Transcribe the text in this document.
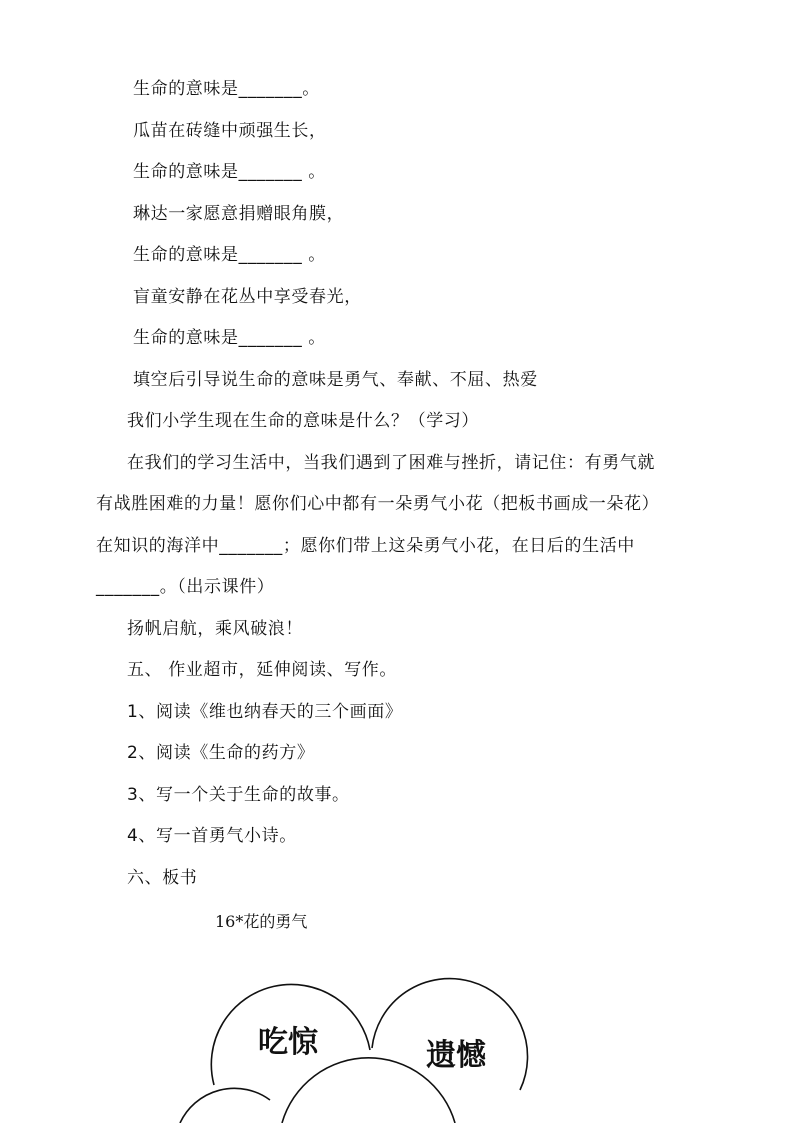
生命的意味是_______。
瓜苗在砖缝中顽强生长，
生命的意味是_______ 。
琳达一家愿意捐赠眼角膜，
生命的意味是_______ 。
盲童安静在花丛中享受春光，
生命的意味是_______ 。
填空后引导说生命的意味是勇气、奉献、不屈、热爱
我们小学生现在生命的意味是什么？（学习）
在我们的学习生活中，当我们遇到了困难与挫折，请记住：有勇气就
有战胜困难的力量！愿你们心中都有一朵勇气小花（把板书画成一朵花）
在知识的海洋中_______；愿你们带上这朵勇气小花，在日后的生活中
_______。（出示课件）
扬帆启航，乘风破浪！
五、 作业超市，延伸阅读、写作。
1、阅读《维也纳春天的三个画面》
2、阅读《生命的药方》
3、写一个关于生命的故事。
4、写一首勇气小诗。
六、板书
16*花的勇气
吃惊	遗憾
